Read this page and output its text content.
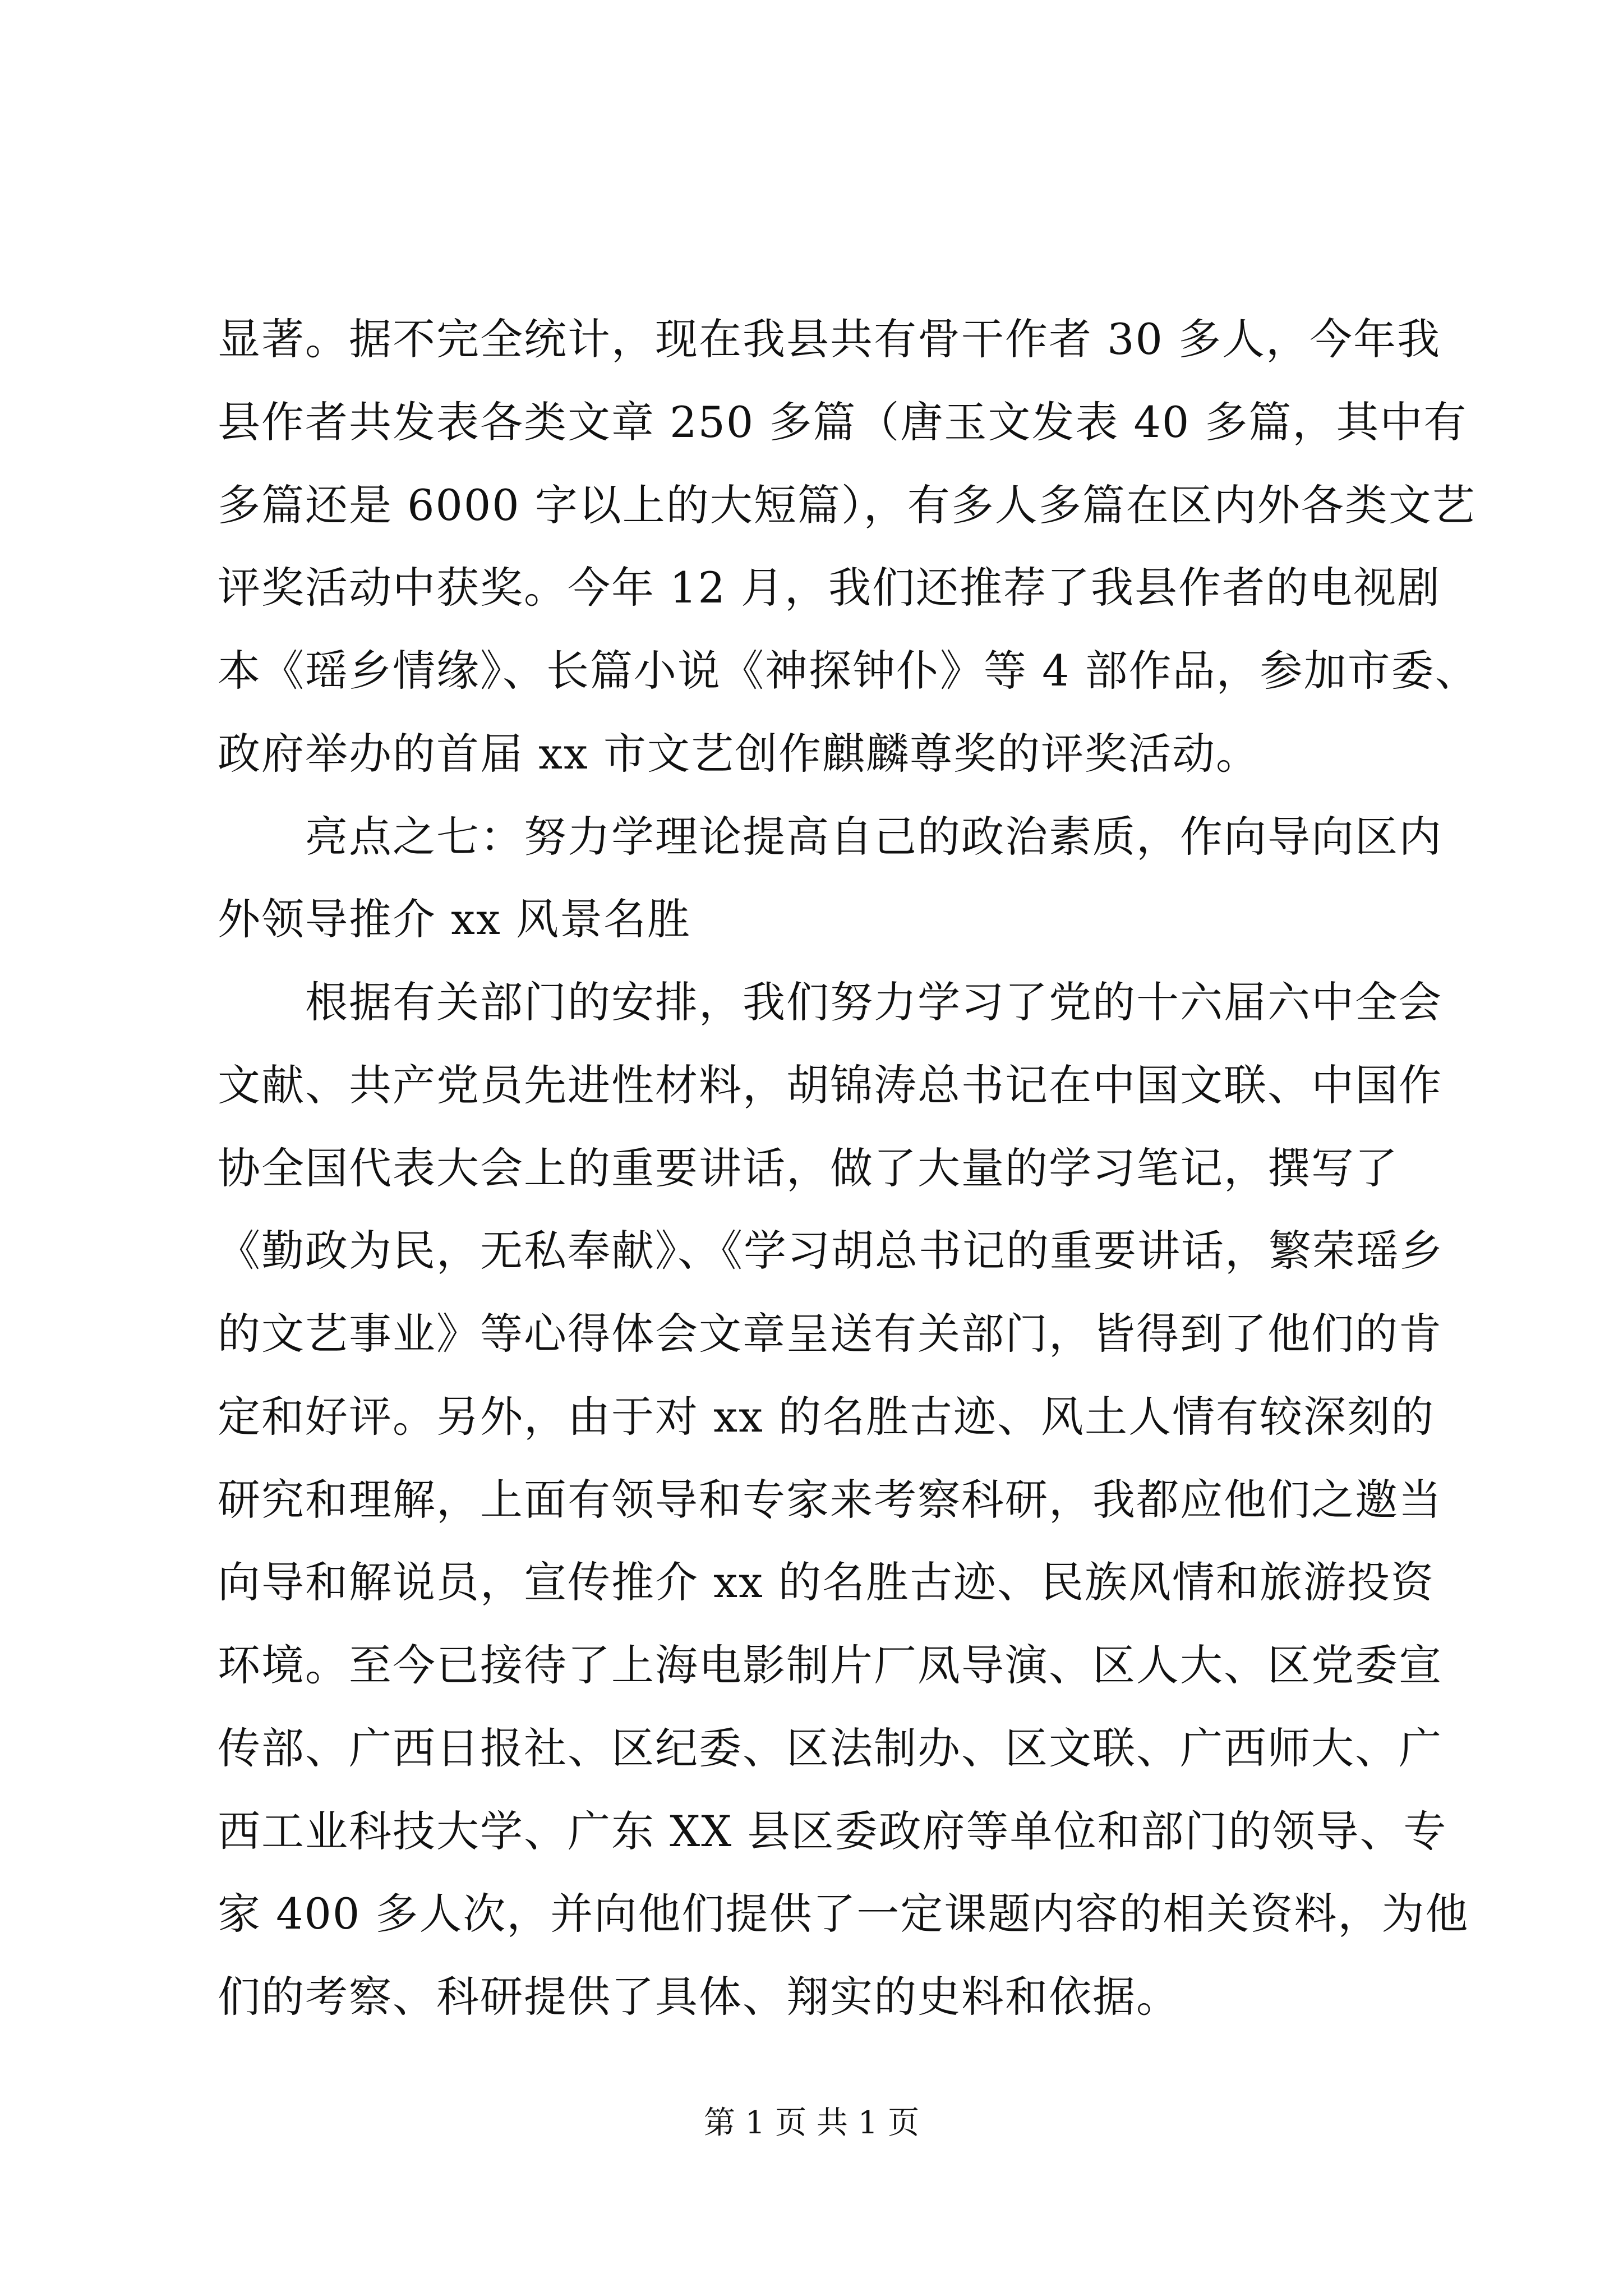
显著。据不完全统计，现在我县共有骨干作者 30 多人，今年我
县作者共发表各类文章 250 多篇（唐玉文发表 40 多篇，其中有
多篇还是 6000 字以上的大短篇），有多人多篇在区内外各类文艺
评奖活动中获奖。今年 12 月，我们还推荐了我县作者的电视剧
本《瑶乡情缘》、长篇小说《神探钟仆》等 4 部作品，参加市委、
政府举办的首届 xx 市文艺创作麒麟尊奖的评奖活动。
　　亮点之七：努力学理论提高自己的政治素质，作向导向区内
外领导推介 xx 风景名胜
　　根据有关部门的安排，我们努力学习了党的十六届六中全会
文献、共产党员先进性材料，胡锦涛总书记在中国文联、中国作
协全国代表大会上的重要讲话，做了大量的学习笔记，撰写了
《勤政为民，无私奉献》、《学习胡总书记的重要讲话，繁荣瑶乡
的文艺事业》等心得体会文章呈送有关部门，皆得到了他们的肯
定和好评。另外，由于对 xx 的名胜古迹、风土人情有较深刻的
研究和理解，上面有领导和专家来考察科研，我都应他们之邀当
向导和解说员，宣传推介 xx 的名胜古迹、民族风情和旅游投资
环境。至今已接待了上海电影制片厂凤导演、区人大、区党委宣
传部、广西日报社、区纪委、区法制办、区文联、广西师大、广
西工业科技大学、广东 XX 县区委政府等单位和部门的领导、专
家 400 多人次，并向他们提供了一定课题内容的相关资料，为他
们的考察、科研提供了具体、翔实的史料和依据。
第 1 页 共 1 页
